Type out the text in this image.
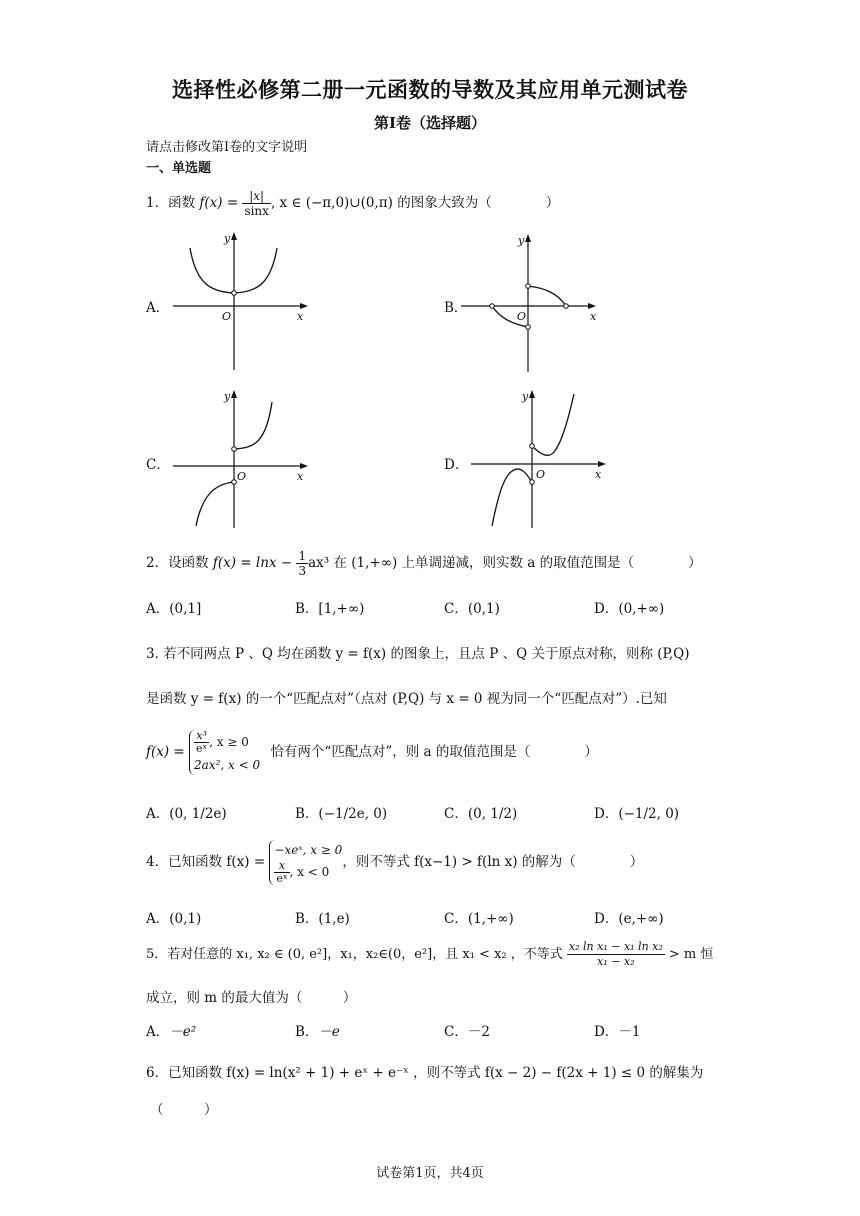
选择性必修第二册一元函数的导数及其应用单元测试卷
第Ⅰ卷（选择题）
请点击修改第Ⅰ卷的文字说明
一、单选题
1．函数 $f(x) = \frac{|x|}{\sin x}$ , x ∈ (−π,0)∪(0,π) 的图象大致为（　　　　）
A．	B．
C．	D．
y
x
O
y
x
O
y
x
O
y
x
O
2．设函数 $f(x) = \ln x - \frac{1}{3} ax^3$ 在 (1,+∞) 上单调递减，则实数 a 的取值范围是（　　　　）
A．(0,1]	B．[1,+∞)	C．(0,1)	D．(0,+∞)
3. 若不同两点 P 、Q 均在函数 y = f(x) 的图象上，且点 P 、Q 关于原点对称，则称 (P,Q)
是函数 y = f(x) 的一个“匹配点对”（点对 (P,Q) 与 x = 0 视为同一个“匹配点对”）.已知
$f(x) = \frac{\text{x³}}{\text{eˣ}}$ , x ≥ 0
2ax², x < 0
恰有两个“匹配点对”，则 a 的取值范围是（　　　　）
A．(0, 1/2e)	B．(−1/2e, 0)	C．(0, 1/2)	D．(−1/2, 0)
4．已知函数 f(x) =
−xeˣ, x ≥ 0
$\frac{x}{\text{eˣ}}$ , x < 0
，则不等式 f(x−1) > f(ln x) 的解为（　　　　）
A．(0,1)	B．(1,e)	C．(1,+∞)	D．(e,+∞)
5．若对任意的 x₁, x₂ ∈ (0, e²]，x₁，x₂∈(0，e²]，且 x₁ < x₂ ，不等式 $\frac{\text{x₂ ln x₁ − x₁ ln x₂}}{\text{x₁ − x₂}} > m$ 恒
成立，则 m 的最大值为（　　　）
A．－e²	B．－e	C．－2	D．－1
6．已知函数 f(x) = ln(x² + 1) + eˣ + e⁻ˣ ，则不等式 f(x − 2) − f(2x + 1) ≤ 0 的解集为
（　　　）
试卷第1页，共4页
